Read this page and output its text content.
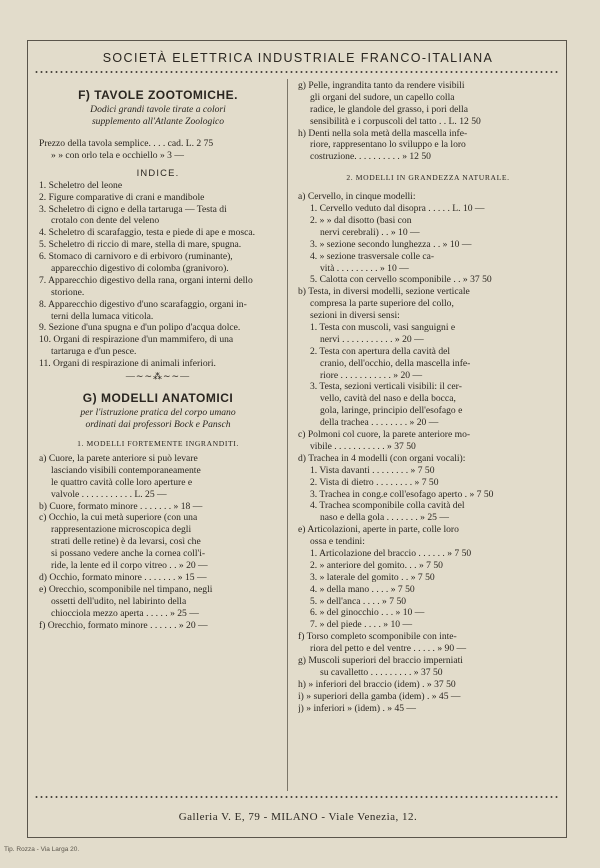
SOCIETÀ ELETTRICA INDUSTRIALE FRANCO-ITALIANA
F) TAVOLE ZOOTOMICHE.
Dodici grandi tavole tirate a colori
supplemento all'Atlante Zoologico
Prezzo della tavola semplice. . . . cad. L. 2 75
» » con orlo tela e occhiello » 3 —
INDICE.
1. Scheletro del leone
2. Figure comparative di crani e mandibole
3. Scheletro di cigno e della tartaruga — Testa di
crotalo con dente del veleno
4. Scheletro di scarafaggio, testa e piede di ape e mosca.
5. Scheletro di riccio di mare, stella di mare, spugna.
6. Stomaco di carnivoro e di erbivoro (ruminante),
apparecchio digestivo di colomba (granivoro).
7. Apparecchio digestivo della rana, organi interni dello
storione.
8. Apparecchio digestivo d'uno scarafaggio, organi in-
terni della lumaca viticola.
9. Sezione d'una spugna e d'un polipo d'acqua dolce.
10. Organi di respirazione d'un mammifero, di una
tartaruga e d'un pesce.
11. Organi di respirazione di animali inferiori.
—∼∼⁂∼∼—
G) MODELLI ANATOMICI
per l'istruzione pratica del corpo umano
ordinati dai professori Bock e Pansch
1. MODELLI FORTEMENTE INGRANDITI.
a) Cuore, la parete anteriore si può levare
lasciando visibili contemporaneamente
le quattro cavità colle loro aperture e
valvole . . . . . . . . . . . L. 25 —
b) Cuore, formato minore . . . . . . . » 18 —
c) Occhio, la cui metà superiore (con una
rappresentazione microscopica degli
strati delle retine) è da levarsi, così che
si possano vedere anche la cornea coll'i-
ride, la lente ed il corpo vitreo . . » 20 —
d) Occhio, formato minore . . . . . . . » 15 —
e) Orecchio, scomponibile nel timpano, negli
ossetti dell'udito, nel labirinto della
chiocciola mezzo aperta . . . . . » 25 —
f) Orecchio, formato minore . . . . . . » 20 —
g) Pelle, ingrandita tanto da rendere visibili
gli organi del sudore, un capello colla
radice, le glandole del grasso, i pori della
sensibilità e i corpuscoli del tatto . . L. 12 50
h) Denti nella sola metà della mascella infe-
riore, rappresentano lo sviluppo e la loro
costruzione. . . . . . . . . . » 12 50
2. MODELLI IN GRANDEZZA NATURALE.
a) Cervello, in cinque modelli:
1. Cervello veduto dal disopra . . . . . L. 10 —
2. » » dal disotto (basi con
nervi cerebrali) . . » 10 —
3. » sezione secondo lunghezza . . » 10 —
4. » sezione trasversale colle ca-
vità . . . . . . . . . » 10 —
5. Calotta con cervello scomponibile . . » 37 50
b) Testa, in diversi modelli, sezione verticale
compresa la parte superiore del collo,
sezioni in diversi sensi:
1. Testa con muscoli, vasi sanguigni e
nervi . . . . . . . . . . . » 20 —
2. Testa con apertura della cavità del
cranio, dell'occhio, della mascella infe-
riore . . . . . . . . . . . » 20 —
3. Testa, sezioni verticali visibili: il cer-
vello, cavità del naso e della bocca,
gola, laringe, principio dell'esofago e
della trachea . . . . . . . . » 20 —
c) Polmoni col cuore, la parete anteriore mo-
vibile . . . . . . . . . . . » 37 50
d) Trachea in 4 modelli (con organi vocali):
1. Vista davanti . . . . . . . . » 7 50
2. Vista di dietro . . . . . . . . » 7 50
3. Trachea in cong.e coll'esofago aperto . » 7 50
4. Trachea scomponibile colla cavità del
naso e della gola . . . . . . . » 25 —
e) Articolazioni, aperte in parte, colle loro
ossa e tendini:
1. Articolazione del braccio . . . . . . » 7 50
2. » anteriore del gomito. . . » 7 50
3. » laterale del gomito . . » 7 50
4. » della mano . . . . » 7 50
5. » dell'anca . . . . » 7 50
6. » del ginocchio . . . » 10 —
7. » del piede . . . . » 10 —
f) Torso completo scomponibile con inte-
riora del petto e del ventre . . . . . » 90 —
g) Muscoli superiori del braccio imperniati
su cavalletto . . . . . . . . . » 37 50
h) » inferiori del braccio (idem) . » 37 50
i) » superiori della gamba (idem) . » 45 —
j) » inferiori » (idem) . » 45 —
Galleria V. E, 79 - MILANO - Viale Venezia, 12.
Tip. Rozza - Via Larga 20.
